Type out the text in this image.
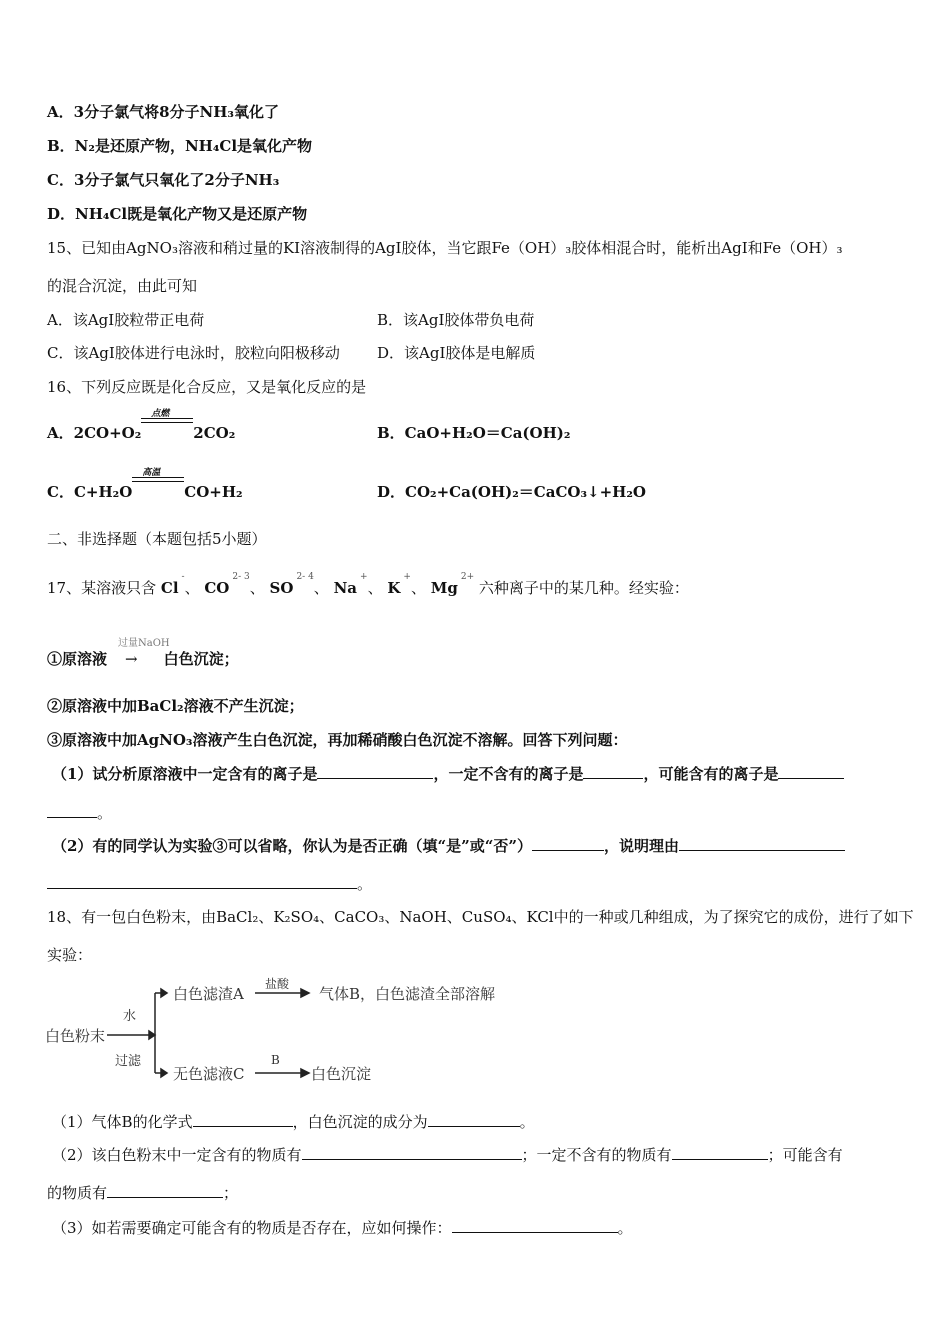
A．3分子氯气将8分子NH₃氧化了
B．N₂是还原产物，NH₄Cl是氧化产物
C．3分子氯气只氧化了2分子NH₃
D．NH₄Cl既是氧化产物又是还原产物
15、已知由AgNO₃溶液和稍过量的KI溶液制得的AgI胶体，当它跟Fe（OH）₃胶体相混合时，能析出AgI和Fe（OH）₃
的混合沉淀，由此可知
A．该AgI胶粒带正电荷	B．该AgI胶体带负电荷
C．该AgI胶体进行电泳时，胶粒向阳极移动 D．该AgI胶体是电解质
16、下列反应既是化合反应，又是氧化反应的是
A．2CO+O₂
点燃
2CO₂	B．CaO+H₂O＝Ca(OH)₂
C．C+H₂O
高温
CO+H₂	D．CO₂+Ca(OH)₂＝CaCO₃↓+H₂O
二、非选择题（本题包括5小题）
17、某溶液只含 Cl-、 CO$^{2- 3}$、 SO$^{2- 4}$、 Na+、 K+、 $Mg^{2+}$ 六种离子中的某几种。经实验：
过量NaOH
①原溶液 → 白色沉淀；
②原溶液中加BaCl₂溶液不产生沉淀；
③原溶液中加AgNO₃溶液产生白色沉淀，再加稀硝酸白色沉淀不溶解。回答下列问题：
（1）试分析原溶液中一定含有的离子是	，一定不含有的离子是	，可能含有的离子是
。
（2）有的同学认为实验③可以省略，你认为是否正确（填“是”或“否”）	，说明理由
。
18、有一包白色粉末，由BaCl₂、K₂SO₄、CaCO₃、NaOH、CuSO₄、KCl中的一种或几种组成，为了探究它的成份，进行了如下
实验：
白色粉末
水
过滤
白色滤渣A
盐酸
气体B，白色滤渣全部溶解
无色滤液C
B
白色沉淀
（1）气体B的化学式	，白色沉淀的成分为	。
（2）该白色粉末中一定含有的物质有	；一定不含有的物质有	；可能含有
的物质有	；
（3）如若需要确定可能含有的物质是否存在，应如何操作：	。
